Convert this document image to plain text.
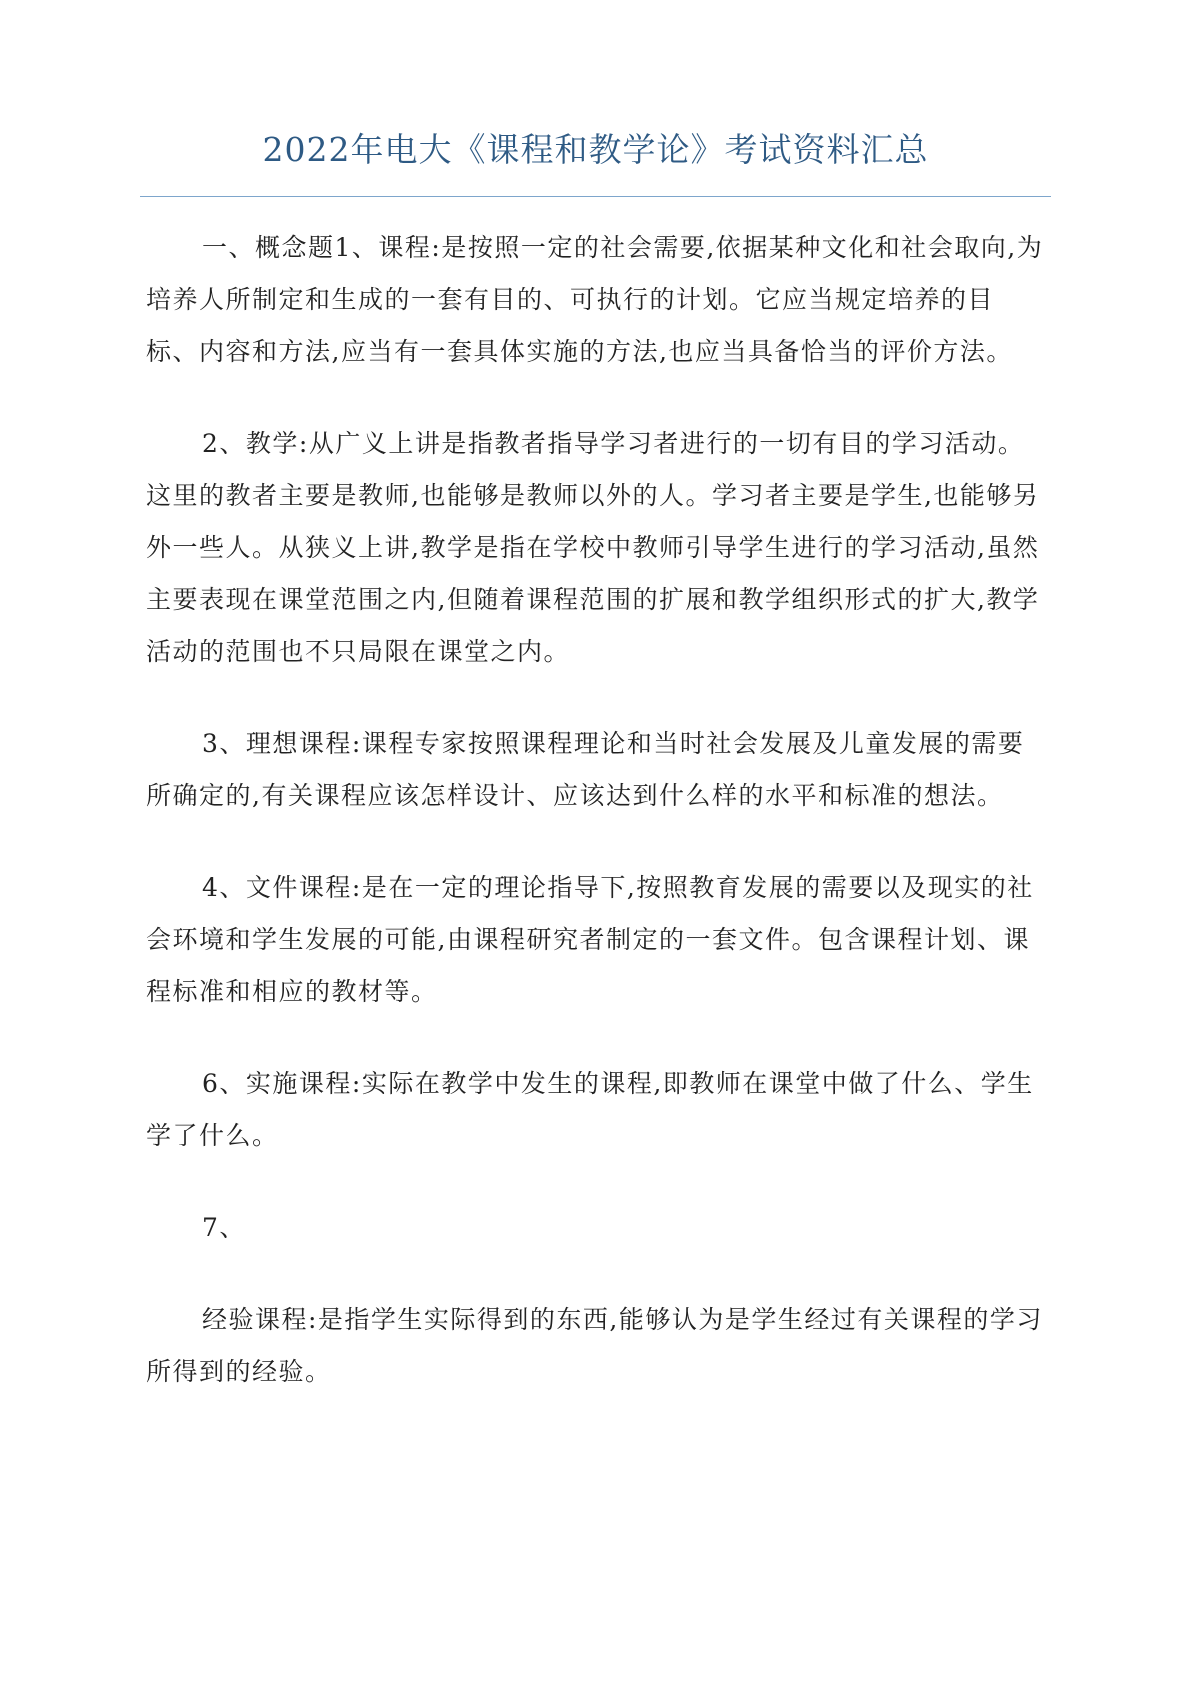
2022年电大《课程和教学论》考试资料汇总

一、概念题1、课程:是按照一定的社会需要,依据某种文化和社会取向,为培养人所制定和生成的一套有目的、可执行的计划。它应当规定培养的目标、内容和方法,应当有一套具体实施的方法,也应当具备恰当的评价方法。

2、教学:从广义上讲是指教者指导学习者进行的一切有目的学习活动。这里的教者主要是教师,也能够是教师以外的人。学习者主要是学生,也能够另外一些人。从狭义上讲,教学是指在学校中教师引导学生进行的学习活动,虽然主要表现在课堂范围之内,但随着课程范围的扩展和教学组织形式的扩大,教学活动的范围也不只局限在课堂之内。

3、理想课程:课程专家按照课程理论和当时社会发展及儿童发展的需要所确定的,有关课程应该怎样设计、应该达到什么样的水平和标准的想法。

4、文件课程:是在一定的理论指导下,按照教育发展的需要以及现实的社会环境和学生发展的可能,由课程研究者制定的一套文件。包含课程计划、课程标准和相应的教材等。

6、实施课程:实际在教学中发生的课程,即教师在课堂中做了什么、学生学了什么。

7、

经验课程:是指学生实际得到的东西,能够认为是学生经过有关课程的学习所得到的经验。
